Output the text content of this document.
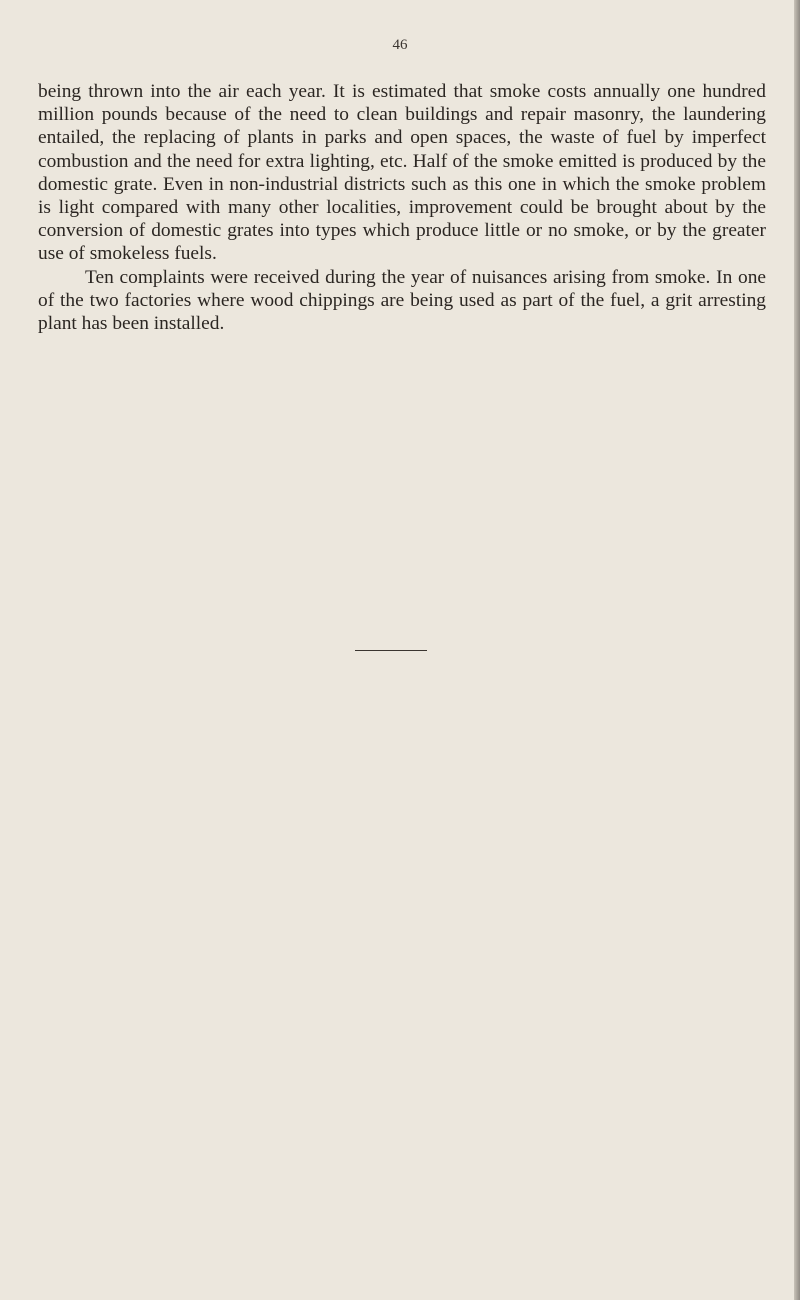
46

being thrown into the air each year. It is estimated that smoke costs annually one hundred million pounds because of the need to clean buildings and repair masonry, the laundering entailed, the replacing of plants in parks and open spaces, the waste of fuel by imperfect combustion and the need for extra lighting, etc. Half of the smoke emitted is produced by the domestic grate. Even in non-industrial districts such as this one in which the smoke problem is light compared with many other localities, improvement could be brought about by the conversion of domestic grates into types which produce little or no smoke, or by the greater use of smokeless fuels.

Ten complaints were received during the year of nuisances arising from smoke. In one of the two factories where wood chippings are being used as part of the fuel, a grit arresting plant has been installed.
